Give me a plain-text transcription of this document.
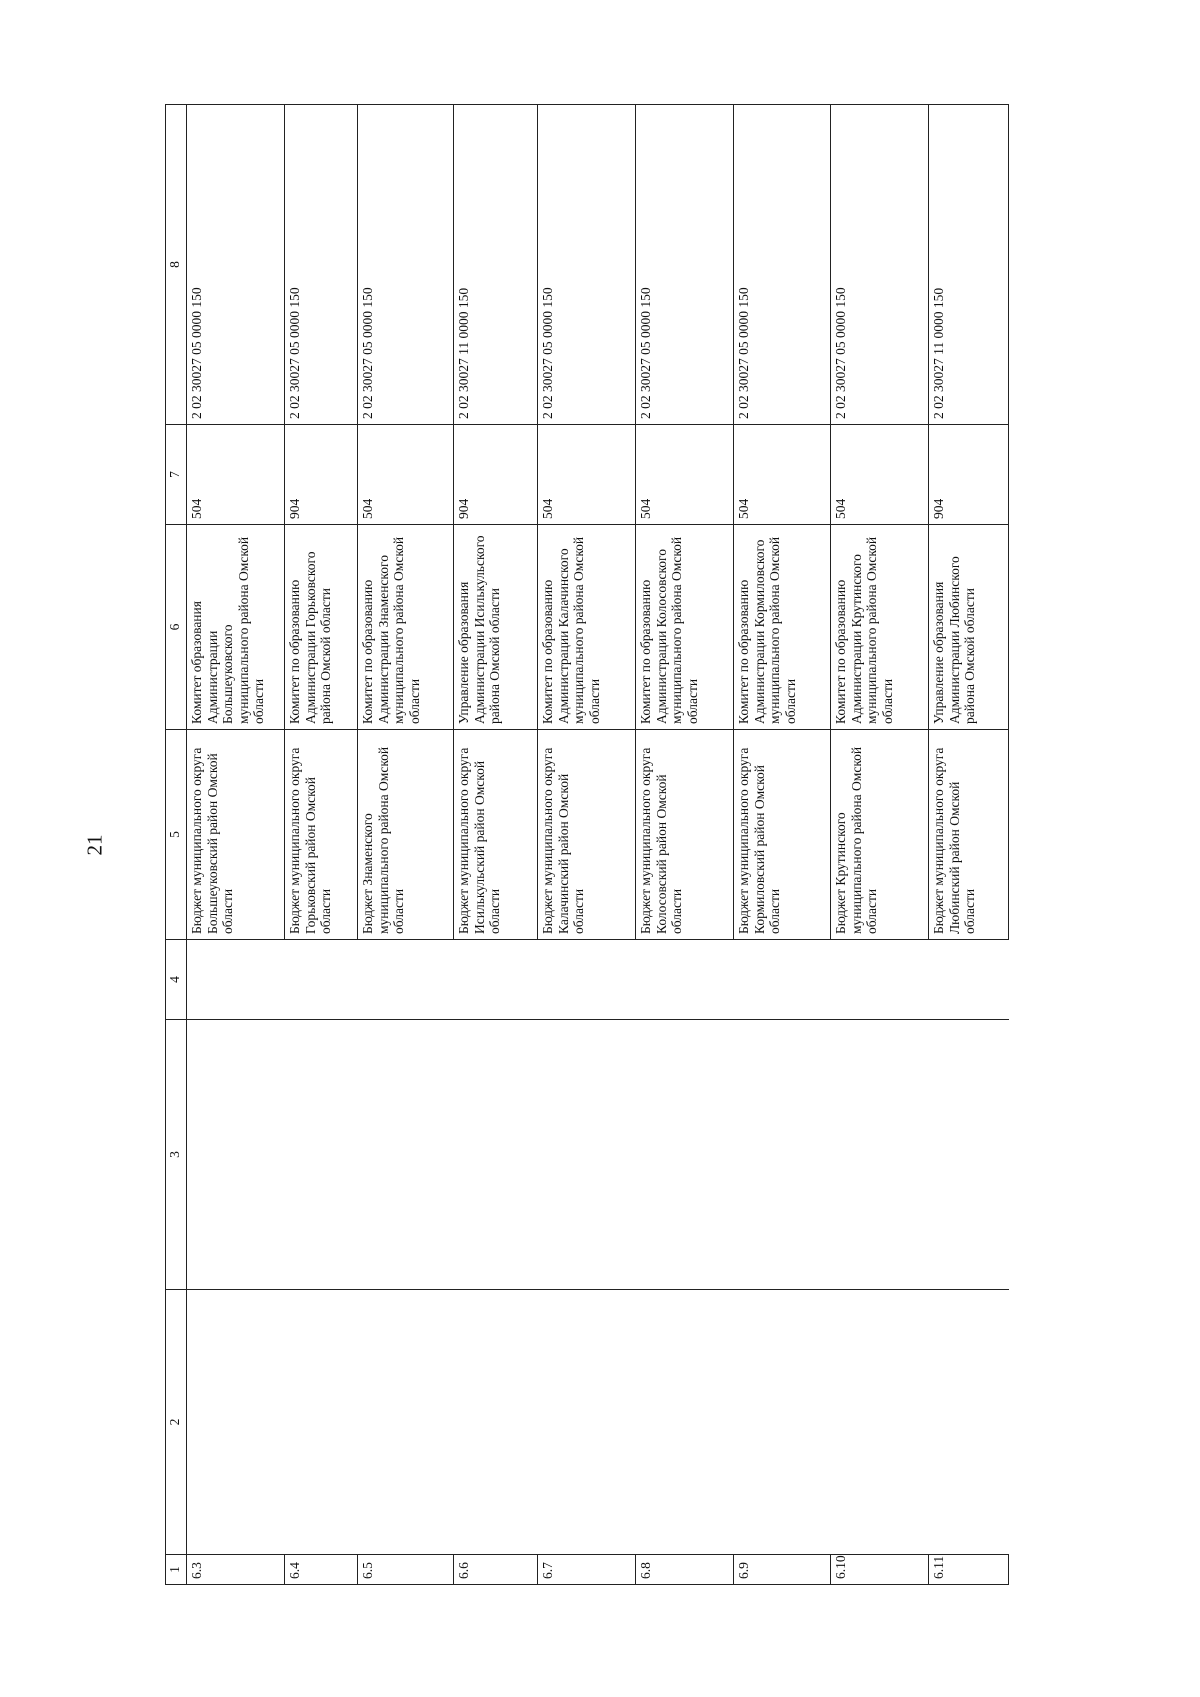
21
1	2	3	4	5	6	7	8
6.3				Бюджет муниципального округа Большеуковский район Омской области	Комитет образования Администрации Большеуковского муниципального района Омской области	504	2 02 30027 05 0000 150
6.4				Бюджет муниципального округа Горьковский район Омской области	Комитет по образованию Администрации Горьковского района Омской области	904	2 02 30027 05 0000 150
6.5				Бюджет Знаменского муниципального района Омской области	Комитет по образованию Администрации Знаменского муниципального района Омской области	504	2 02 30027 05 0000 150
6.6				Бюджет муниципального округа Исилькульский район Омской области	Управление образования Администрации Исилькульского района Омской области	904	2 02 30027 11 0000 150
6.7				Бюджет муниципального округа Калачинский район Омской области	Комитет по образованию Администрации Калачинского муниципального района Омской области	504	2 02 30027 05 0000 150
6.8				Бюджет муниципального округа Колосовский район Омской области	Комитет по образованию Администрации Колосовского муниципального района Омской области	504	2 02 30027 05 0000 150
6.9				Бюджет муниципального округа Кормиловский район Омской области	Комитет по образованию Администрации Кормиловского муниципального района Омской области	504	2 02 30027 05 0000 150
6.10				Бюджет Крутинского муниципального района Омской области	Комитет по образованию Администрации Крутинского муниципального района Омской области	504	2 02 30027 05 0000 150
6.11				Бюджет муниципального округа Любинский район Омской области	Управление образования Администрации Любинского района Омской области	904	2 02 30027 11 0000 150
